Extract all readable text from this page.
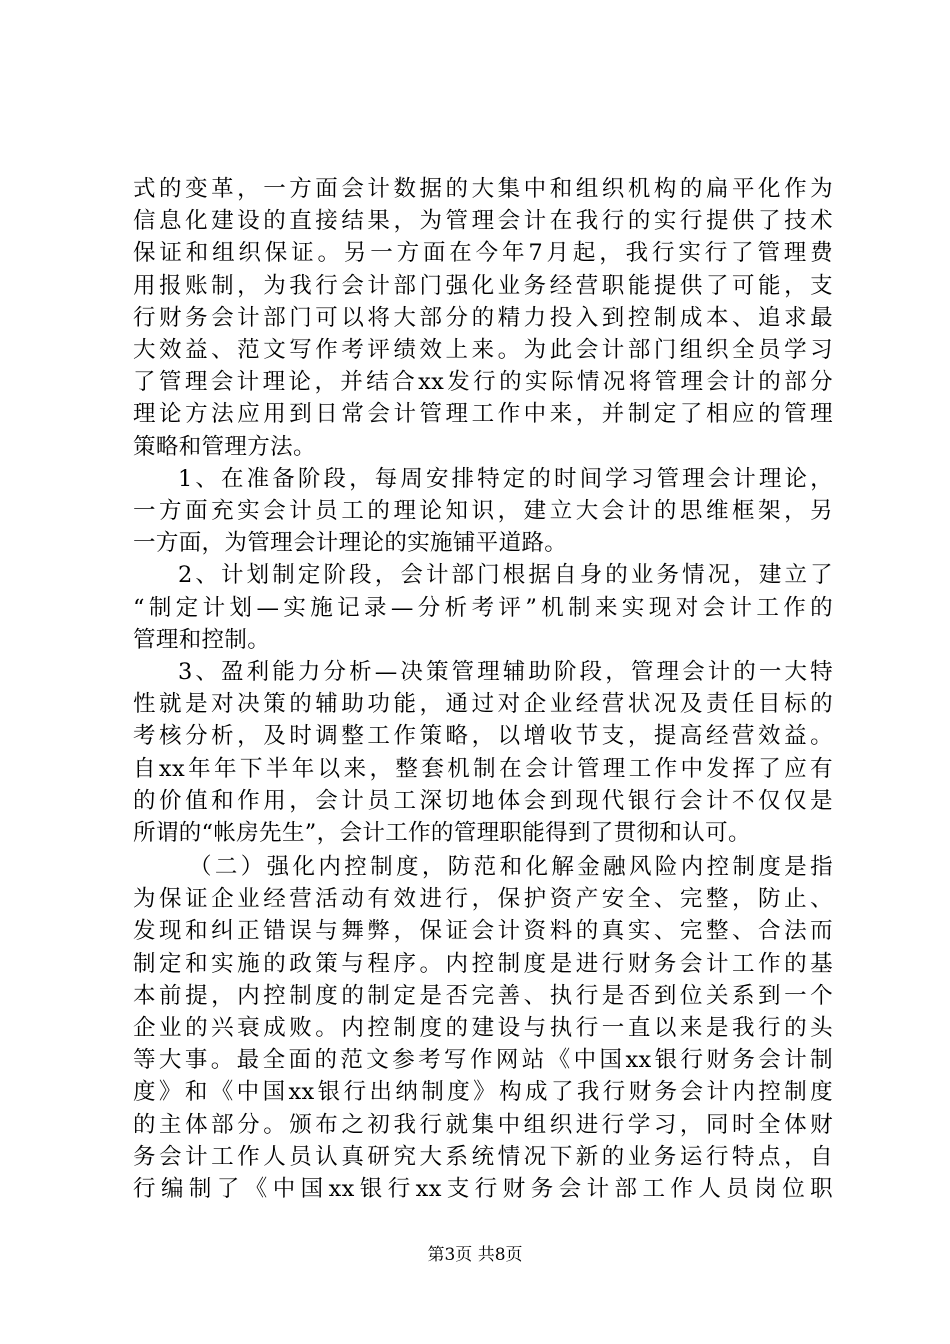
式的变革，一方面会计数据的大集中和组织机构的扁平化作为
信息化建设的直接结果，为管理会计在我行的实行提供了技术
保证和组织保证。另一方面在今年7月起，我行实行了管理费
用报账制，为我行会计部门强化业务经营职能提供了可能，支
行财务会计部门可以将大部分的精力投入到控制成本、追求最
大效益、范文写作考评绩效上来。为此会计部门组织全员学习
了管理会计理论，并结合xx发行的实际情况将管理会计的部分
理论方法应用到日常会计管理工作中来，并制定了相应的管理
策略和管理方法。
1、在准备阶段，每周安排特定的时间学习管理会计理论，
一方面充实会计员工的理论知识，建立大会计的思维框架，另
一方面，为管理会计理论的实施铺平道路。
2、计划制定阶段，会计部门根据自身的业务情况，建立了
“制定计划—实施记录—分析考评”机制来实现对会计工作的
管理和控制。
3、盈利能力分析—决策管理辅助阶段，管理会计的一大特
性就是对决策的辅助功能，通过对企业经营状况及责任目标的
考核分析，及时调整工作策略，以增收节支，提高经营效益。
自xx年年下半年以来，整套机制在会计管理工作中发挥了应有
的价值和作用，会计员工深切地体会到现代银行会计不仅仅是
所谓的“帐房先生”，会计工作的管理职能得到了贯彻和认可。
（二）强化内控制度，防范和化解金融风险内控制度是指
为保证企业经营活动有效进行，保护资产安全、完整，防止、
发现和纠正错误与舞弊，保证会计资料的真实、完整、合法而
制定和实施的政策与程序。内控制度是进行财务会计工作的基
本前提，内控制度的制定是否完善、执行是否到位关系到一个
企业的兴衰成败。内控制度的建设与执行一直以来是我行的头
等大事。最全面的范文参考写作网站《中国xx银行财务会计制
度》和《中国xx银行出纳制度》构成了我行财务会计内控制度
的主体部分。颁布之初我行就集中组织进行学习，同时全体财
务会计工作人员认真研究大系统情况下新的业务运行特点，自
行编制了《中国xx银行xx支行财务会计部工作人员岗位职
第3页 共8页
